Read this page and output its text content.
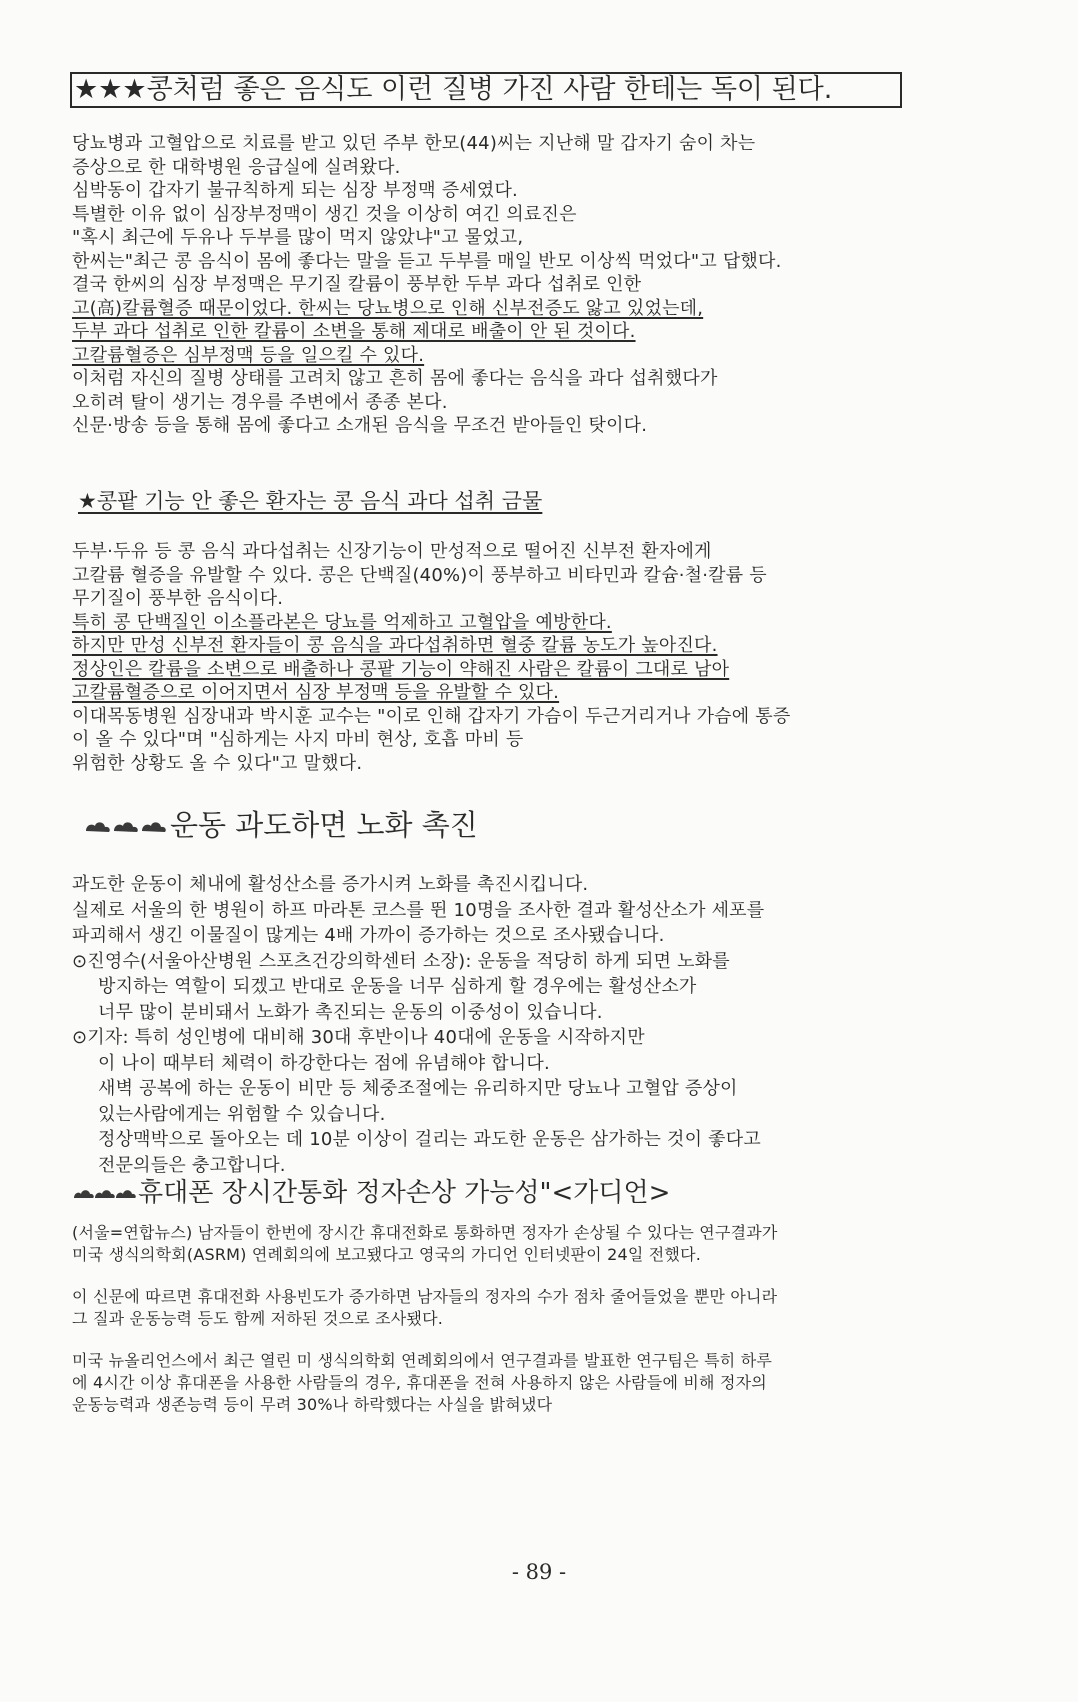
★★★콩처럼 좋은 음식도 이런 질병 가진 사람 한테는 독이 된다.
당뇨병과 고혈압으로 치료를 받고 있던 주부 한모(44)씨는 지난해 말 갑자기 숨이 차는
증상으로 한 대학병원 응급실에 실려왔다.
심박동이 갑자기 불규칙하게 되는 심장 부정맥 증세였다.
특별한 이유 없이 심장부정맥이 생긴 것을 이상히 여긴 의료진은
"혹시 최근에 두유나 두부를 많이 먹지 않았냐"고 물었고,
한씨는"최근 콩 음식이 몸에 좋다는 말을 듣고 두부를 매일 반모 이상씩 먹었다"고 답했다.
결국 한씨의 심장 부정맥은 무기질 칼륨이 풍부한 두부 과다 섭취로 인한
고(高)칼륨혈증 때문이었다. 한씨는 당뇨병으로 인해 신부전증도 앓고 있었는데,
두부 과다 섭취로 인한 칼륨이 소변을 통해 제대로 배출이 안 된 것이다.
고칼륨혈증은 심부정맥 등을 일으킬 수 있다.
이처럼 자신의 질병 상태를 고려치 않고 흔히 몸에 좋다는 음식을 과다 섭취했다가
오히려 탈이 생기는 경우를 주변에서 종종 본다.
신문·방송 등을 통해 몸에 좋다고 소개된 음식을 무조건 받아들인 탓이다.
★콩팥 기능 안 좋은 환자는 콩 음식 과다 섭취 금물
두부·두유 등 콩 음식 과다섭취는 신장기능이 만성적으로 떨어진 신부전 환자에게
고칼륨 혈증을 유발할 수 있다. 콩은 단백질(40%)이 풍부하고 비타민과 칼슘·철·칼륨 등
무기질이 풍부한 음식이다.
특히 콩 단백질인 이소플라본은 당뇨를 억제하고 고혈압을 예방한다.
하지만 만성 신부전 환자들이 콩 음식을 과다섭취하면 혈중 칼륨 농도가 높아진다.
정상인은 칼륨을 소변으로 배출하나 콩팥 기능이 약해진 사람은 칼륨이 그대로 남아
고칼륨혈증으로 이어지면서 심장 부정맥 등을 유발할 수 있다.
이대목동병원 심장내과 박시훈 교수는 "이로 인해 갑자기 가슴이 두근거리거나 가슴에 통증
이 올 수 있다"며 "심하게는 사지 마비 현상, 호흡 마비 등
위험한 상황도 올 수 있다"고 말했다.
운동 과도하면 노화 촉진
과도한 운동이 체내에 활성산소를 증가시켜 노화를 촉진시킵니다.
실제로 서울의 한 병원이 하프 마라톤 코스를 뛴 10명을 조사한 결과 활성산소가 세포를
파괴해서 생긴 이물질이 많게는 4배 가까이 증가하는 것으로 조사됐습니다.
⊙진영수(서울아산병원 스포츠건강의학센터 소장): 운동을 적당히 하게 되면 노화를
방지하는 역할이 되겠고 반대로 운동을 너무 심하게 할 경우에는 활성산소가
너무 많이 분비돼서 노화가 촉진되는 운동의 이중성이 있습니다.
⊙기자: 특히 성인병에 대비해 30대 후반이나 40대에 운동을 시작하지만
이 나이 때부터 체력이 하강한다는 점에 유념해야 합니다.
새벽 공복에 하는 운동이 비만 등 체중조절에는 유리하지만 당뇨나 고혈압 증상이
있는사람에게는 위험할 수 있습니다.
정상맥박으로 돌아오는 데 10분 이상이 걸리는 과도한 운동은 삼가하는 것이 좋다고
전문의들은 충고합니다.
휴대폰 장시간통화 정자손상 가능성"<가디언>
(서울=연합뉴스) 남자들이 한번에 장시간 휴대전화로 통화하면 정자가 손상될 수 있다는 연구결과가
미국 생식의학회(ASRM) 연례회의에 보고됐다고 영국의 가디언 인터넷판이 24일 전했다.
이 신문에 따르면 휴대전화 사용빈도가 증가하면 남자들의 정자의 수가 점차 줄어들었을 뿐만 아니라
그 질과 운동능력 등도 함께 저하된 것으로 조사됐다.
미국 뉴올리언스에서 최근 열린 미 생식의학회 연례회의에서 연구결과를 발표한 연구팀은 특히 하루
에 4시간 이상 휴대폰을 사용한 사람들의 경우, 휴대폰을 전혀 사용하지 않은 사람들에 비해 정자의
운동능력과 생존능력 등이 무려 30%나 하락했다는 사실을 밝혀냈다
- 89 -
